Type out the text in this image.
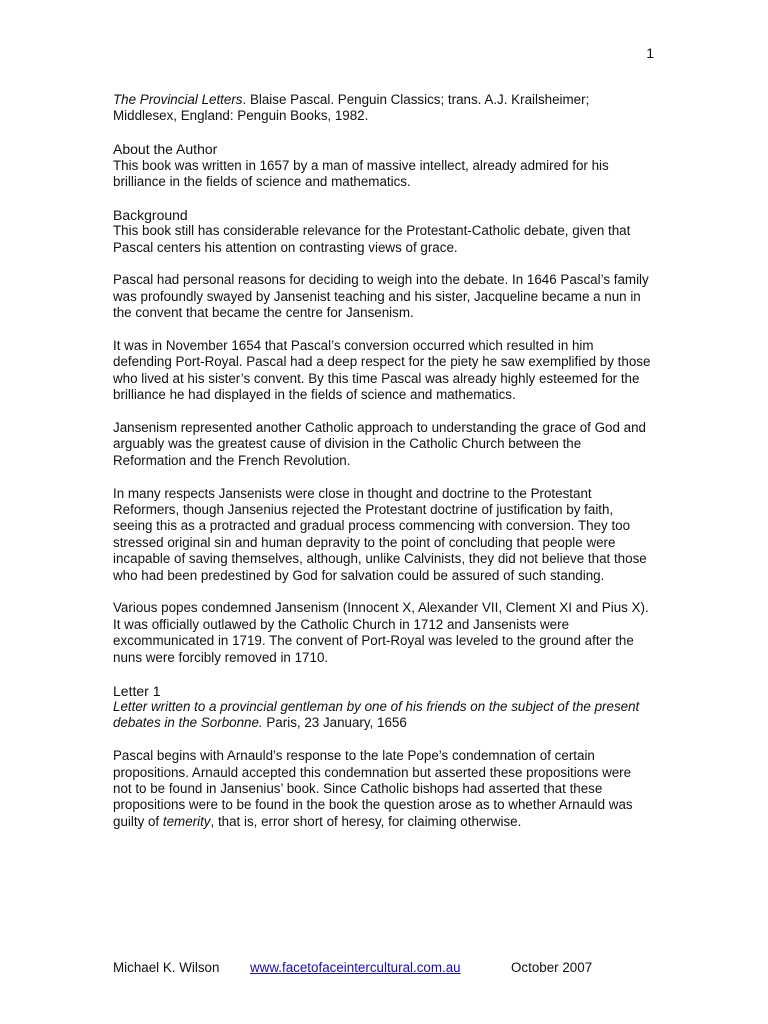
1

The Provincial Letters. Blaise Pascal. Penguin Classics; trans. A.J. Krailsheimer;
Middlesex, England: Penguin Books, 1982.

About the Author

This book was written in 1657 by a man of massive intellect, already admired for his brilliance in the fields of science and mathematics.

Background

This book still has considerable relevance for the Protestant-Catholic debate, given that Pascal centers his attention on contrasting views of grace.

Pascal had personal reasons for deciding to weigh into the debate. In 1646 Pascal’s family was profoundly swayed by Jansenist teaching and his sister, Jacqueline became a nun in the convent that became the centre for Jansenism.

It was in November 1654 that Pascal’s conversion occurred which resulted in him defending Port-Royal. Pascal had a deep respect for the piety he saw exemplified by those who lived at his sister’s convent. By this time Pascal was already highly esteemed for the brilliance he had displayed in the fields of science and mathematics.

Jansenism represented another Catholic approach to understanding the grace of God and arguably was the greatest cause of division in the Catholic Church between the Reformation and the French Revolution.

In many respects Jansenists were close in thought and doctrine to the Protestant Reformers, though Jansenius rejected the Protestant doctrine of justification by faith, seeing this as a protracted and gradual process commencing with conversion. They too stressed original sin and human depravity to the point of concluding that people were incapable of saving themselves, although, unlike Calvinists, they did not believe that those who had been predestined by God for salvation could be assured of such standing.

Various popes condemned Jansenism (Innocent X, Alexander VII, Clement XI and Pius X). It was officially outlawed by the Catholic Church in 1712 and Jansenists were excommunicated in 1719. The convent of Port-Royal was leveled to the ground after the nuns were forcibly removed in 1710.

Letter 1

Letter written to a provincial gentleman by one of his friends on the subject of the present debates in the Sorbonne. Paris, 23 January, 1656

Pascal begins with Arnauld’s response to the late Pope’s condemnation of certain propositions. Arnauld accepted this condemnation but asserted these propositions were not to be found in Jansenius’ book. Since Catholic bishops had asserted that these propositions were to be found in the book the question arose as to whether Arnauld was guilty of temerity, that is, error short of heresy, for claiming otherwise.

Michael K. Wilson www.facetofaceintercultural.com.au	October 2007
